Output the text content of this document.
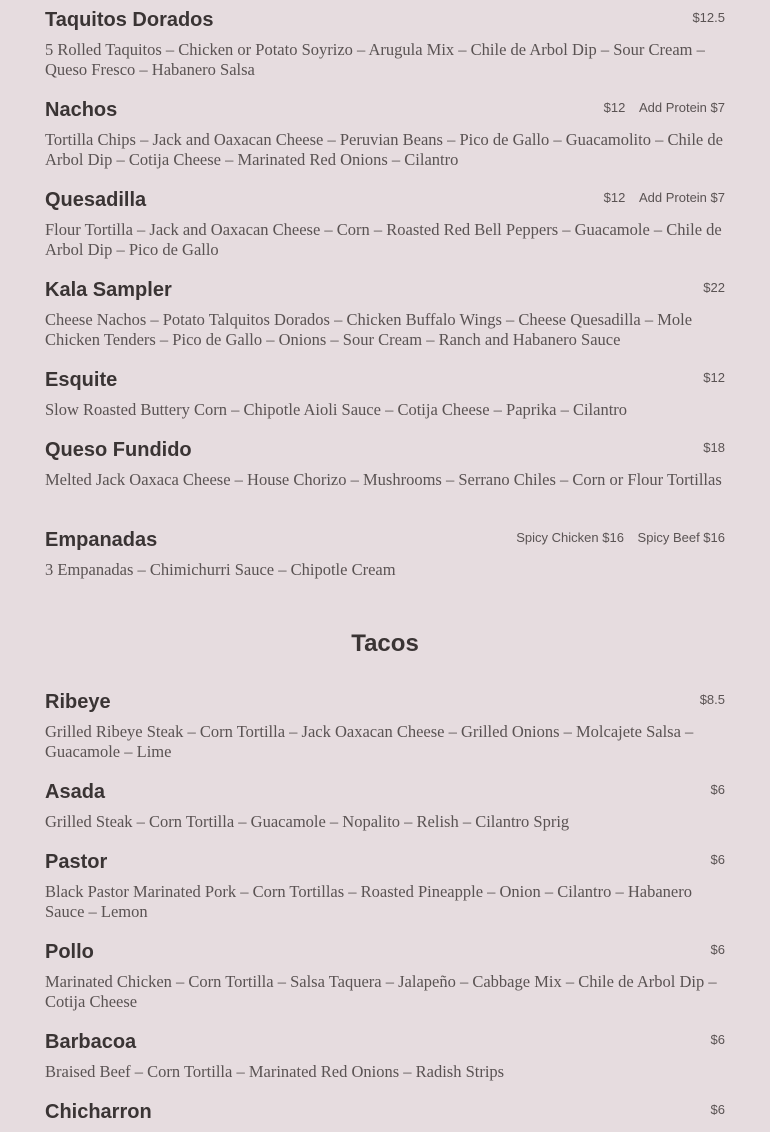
Taquitos Dorados	$12.5
5 Rolled Taquitos – Chicken or Potato Soyrizo – Arugula Mix – Chile de Arbol Dip – Sour Cream – Queso Fresco – Habanero Salsa
Nachos	$12 Add Protein $7
Tortilla Chips – Jack and Oaxacan Cheese – Peruvian Beans – Pico de Gallo – Guacamolito – Chile de Arbol Dip – Cotija Cheese – Marinated Red Onions – Cilantro
Quesadilla	$12 Add Protein $7
Flour Tortilla – Jack and Oaxacan Cheese – Corn – Roasted Red Bell Peppers – Guacamole – Chile de Arbol Dip – Pico de Gallo
Kala Sampler	$22
Cheese Nachos – Potato Talquitos Dorados – Chicken Buffalo Wings – Cheese Quesadilla – Mole Chicken Tenders – Pico de Gallo – Onions – Sour Cream – Ranch and Habanero Sauce
Esquite	$12
Slow Roasted Buttery Corn – Chipotle Aioli Sauce – Cotija Cheese – Paprika – Cilantro
Queso Fundido	$18
Melted Jack Oaxaca Cheese – House Chorizo – Mushrooms – Serrano Chiles – Corn or Flour Tortillas
Empanadas	Spicy Chicken $16 Spicy Beef $16
3 Empanadas – Chimichurri Sauce – Chipotle Cream
Tacos
Ribeye	$8.5
Grilled Ribeye Steak – Corn Tortilla – Jack Oaxacan Cheese – Grilled Onions – Molcajete Salsa – Guacamole – Lime
Asada	$6
Grilled Steak – Corn Tortilla – Guacamole – Nopalito – Relish – Cilantro Sprig
Pastor	$6
Black Pastor Marinated Pork – Corn Tortillas – Roasted Pineapple – Onion – Cilantro – Habanero Sauce – Lemon
Pollo	$6
Marinated Chicken – Corn Tortilla – Salsa Taquera – Jalapeño – Cabbage Mix – Chile de Arbol Dip – Cotija Cheese
Barbacoa	$6
Braised Beef – Corn Tortilla – Marinated Red Onions – Radish Strips
Chicharron	$6
